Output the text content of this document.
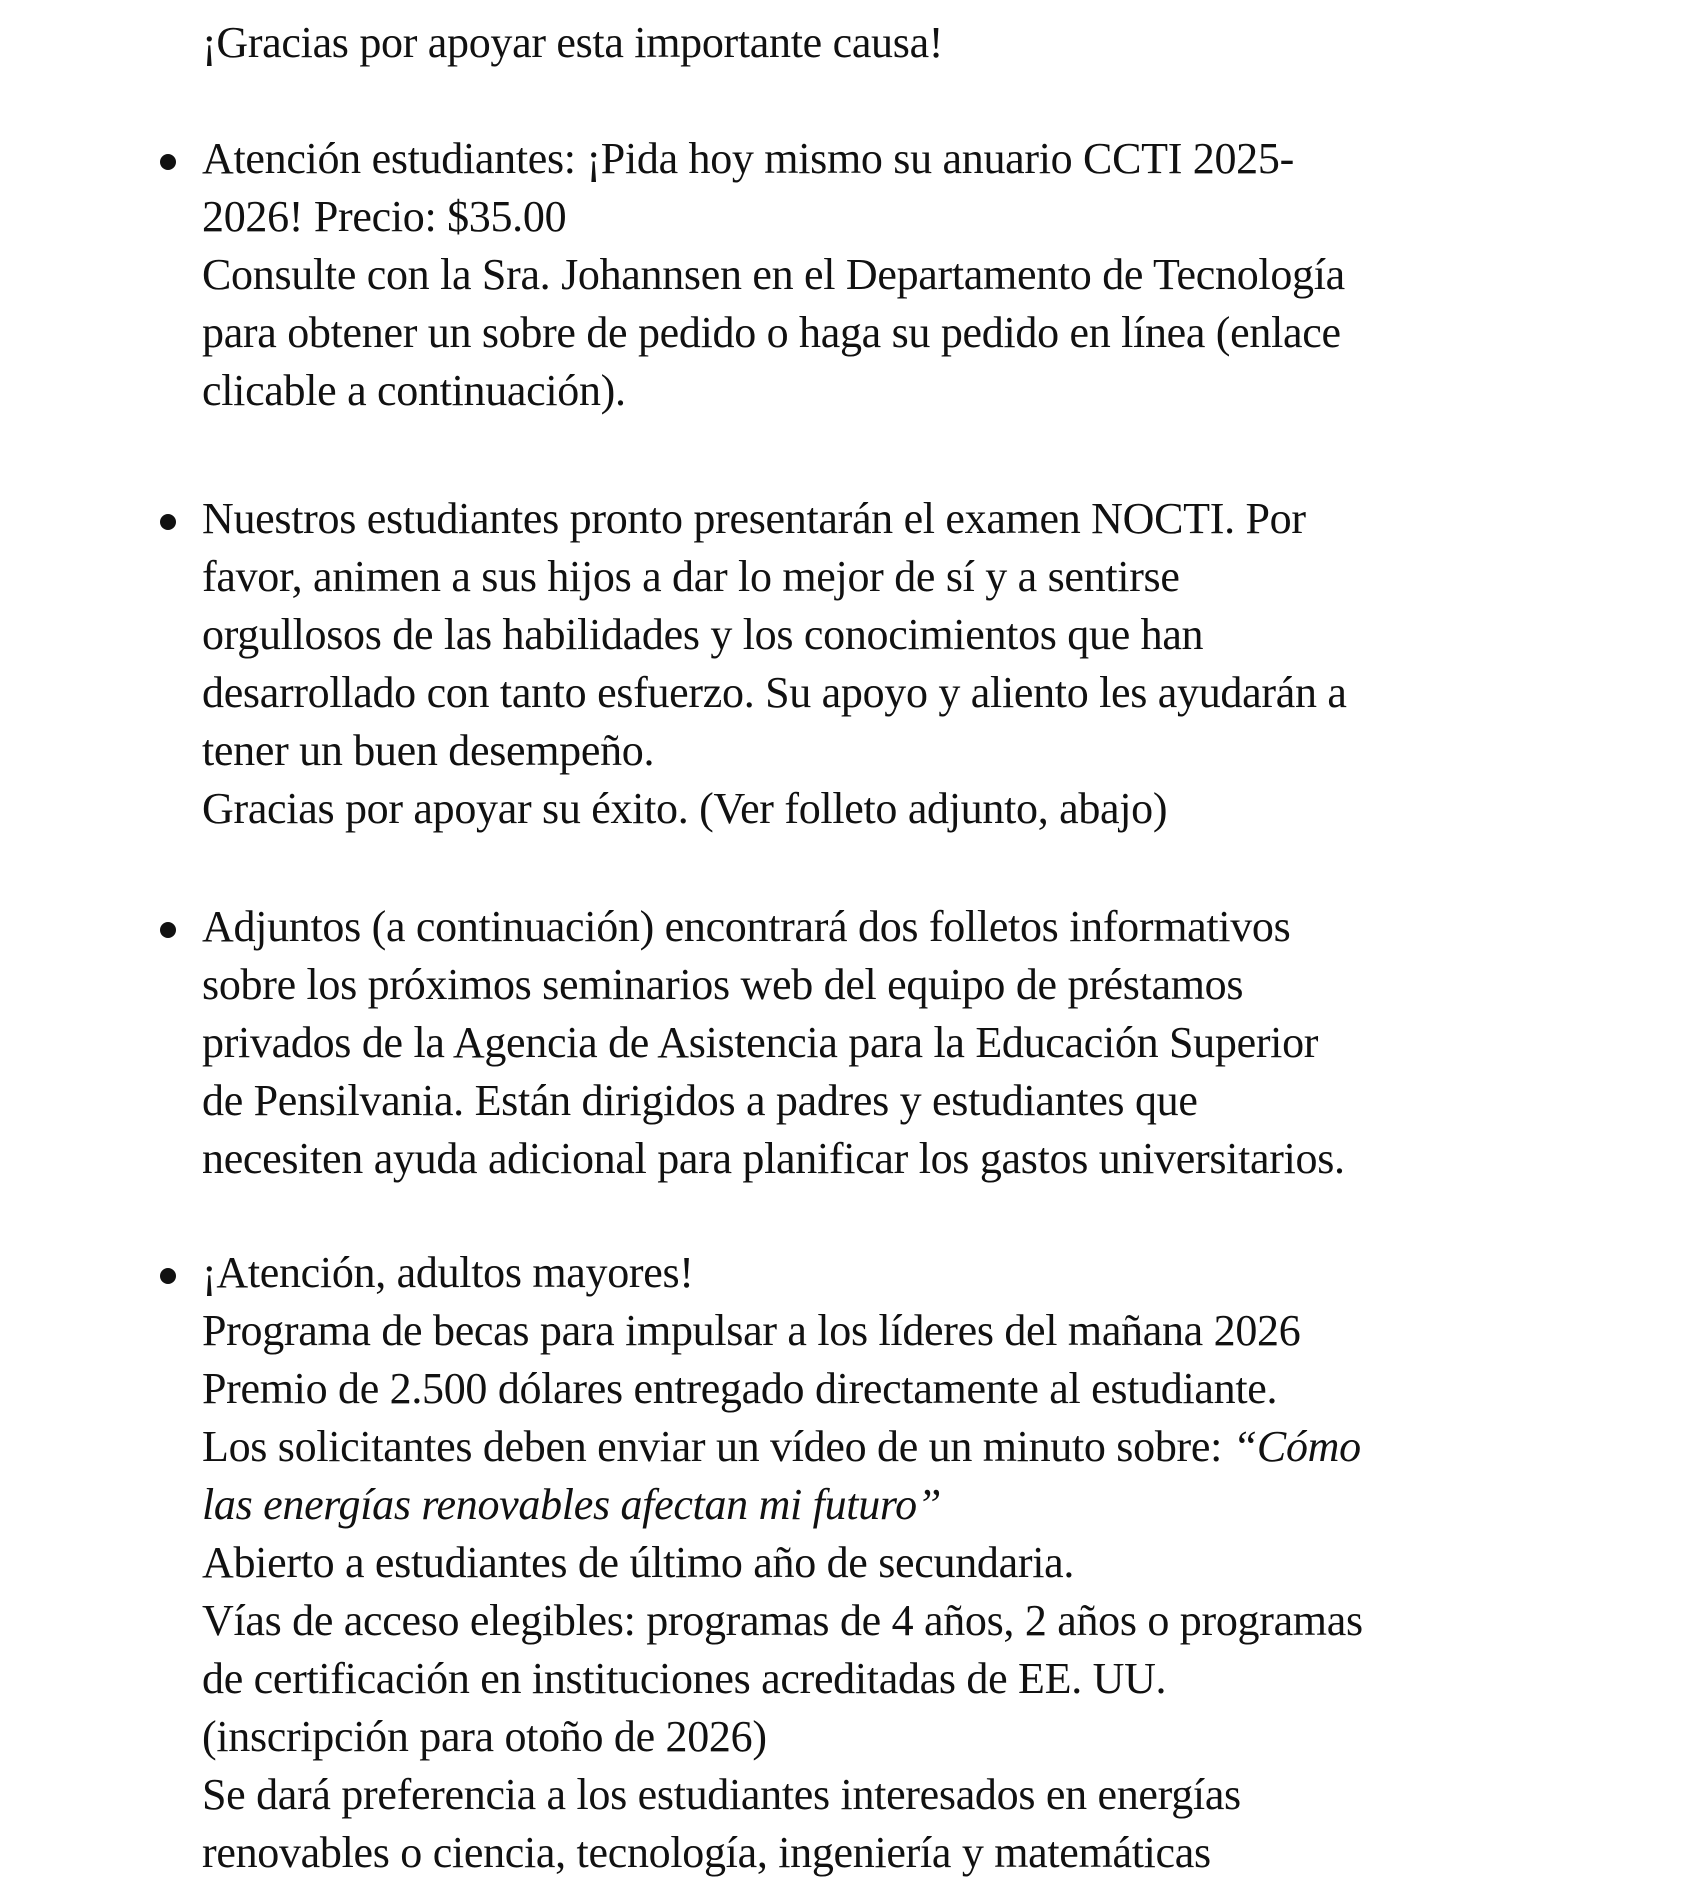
¡Gracias por apoyar esta importante causa!
Atención estudiantes: ¡Pida hoy mismo su anuario CCTI 2025-
2026! Precio: $35.00
Consulte con la Sra. Johannsen en el Departamento de Tecnología
para obtener un sobre de pedido o haga su pedido en línea (enlace
clicable a continuación).
Nuestros estudiantes pronto presentarán el examen NOCTI. Por
favor, animen a sus hijos a dar lo mejor de sí y a sentirse
orgullosos de las habilidades y los conocimientos que han
desarrollado con tanto esfuerzo. Su apoyo y aliento les ayudarán a
tener un buen desempeño.
Gracias por apoyar su éxito. (Ver folleto adjunto, abajo)
Adjuntos (a continuación) encontrará dos folletos informativos
sobre los próximos seminarios web del equipo de préstamos
privados de la Agencia de Asistencia para la Educación Superior
de Pensilvania. Están dirigidos a padres y estudiantes que
necesiten ayuda adicional para planificar los gastos universitarios.
¡Atención, adultos mayores!
Programa de becas para impulsar a los líderes del mañana 2026
Premio de 2.500 dólares entregado directamente al estudiante.
Los solicitantes deben enviar un vídeo de un minuto sobre: “Cómo
las energías renovables afectan mi futuro”
Abierto a estudiantes de último año de secundaria.
Vías de acceso elegibles: programas de 4 años, 2 años o programas
de certificación en instituciones acreditadas de EE. UU.
(inscripción para otoño de 2026)
Se dará preferencia a los estudiantes interesados en energías
renovables o ciencia, tecnología, ingeniería y matemáticas
